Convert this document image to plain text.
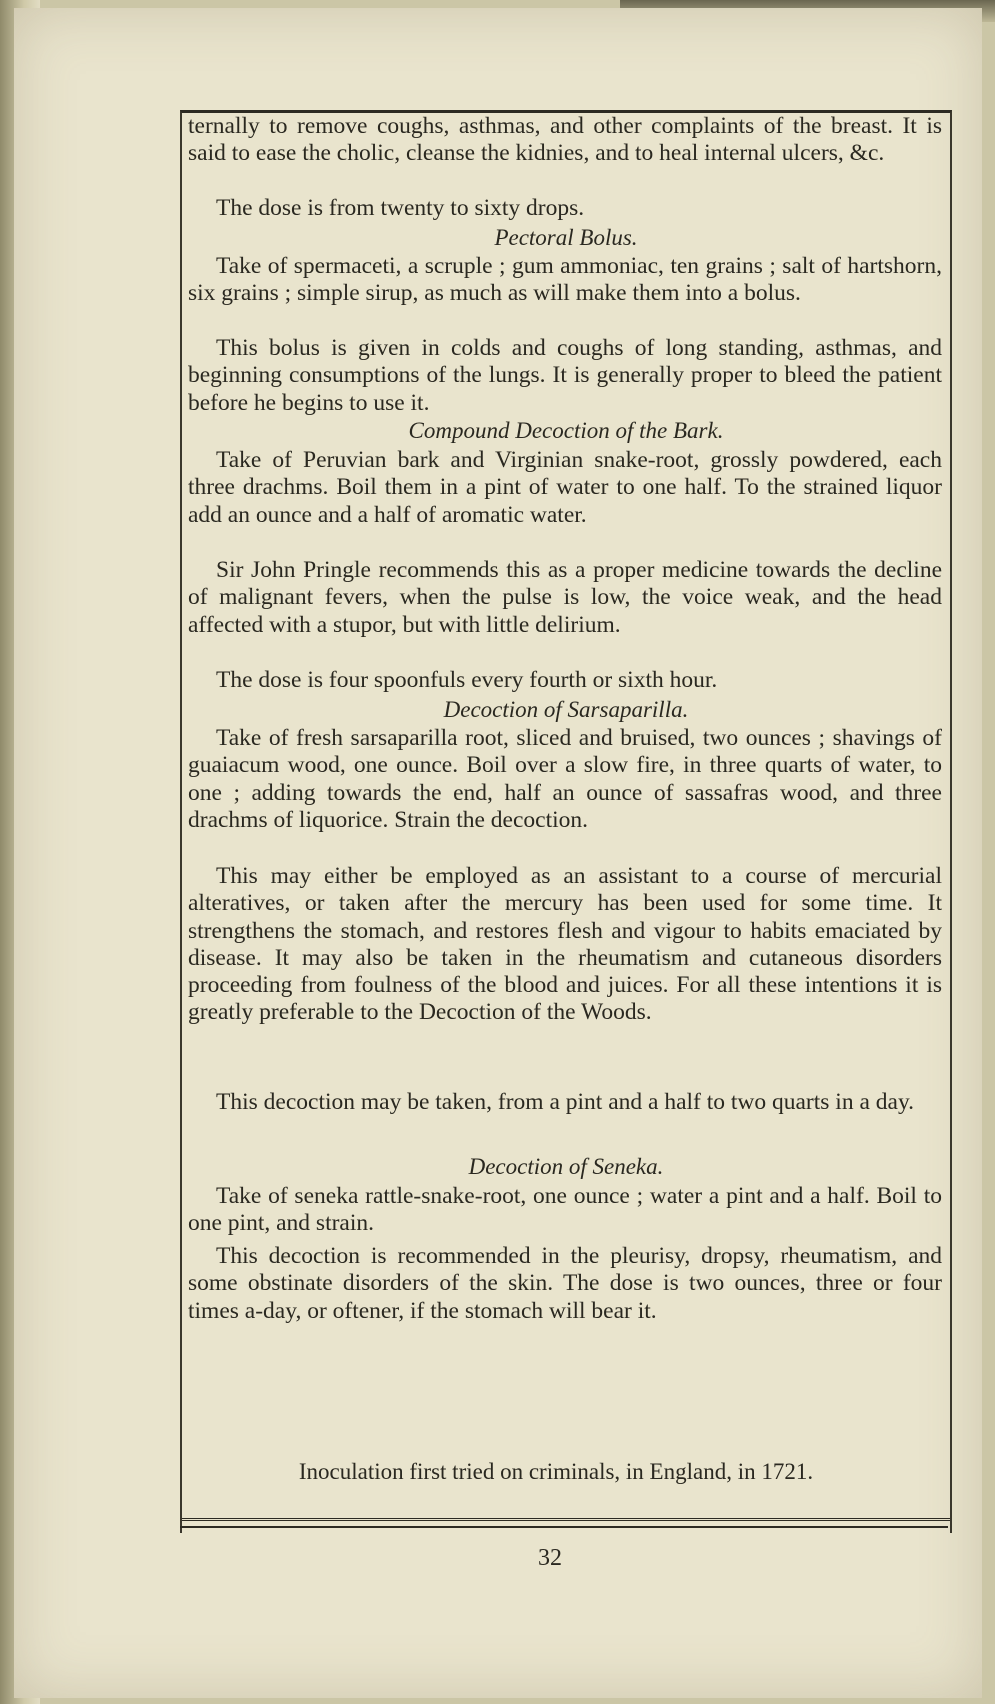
ternally to remove coughs, asthmas, and other complaints of the breast. It is said to ease the cholic, cleanse the kidnies, and to heal internal ulcers, &c.
The dose is from twenty to sixty drops.
Pectoral Bolus.
Take of spermaceti, a scruple ; gum ammoniac, ten grains ; salt of hartshorn, six grains ; simple sirup, as much as will make them into a bolus.
This bolus is given in colds and coughs of long standing, asthmas, and beginning consumptions of the lungs. It is generally proper to bleed the patient before he begins to use it.
Compound Decoction of the Bark.
Take of Peruvian bark and Virginian snake-root, grossly powdered, each three drachms. Boil them in a pint of water to one half. To the strained liquor add an ounce and a half of aromatic water.
Sir John Pringle recommends this as a proper medicine towards the decline of malignant fevers, when the pulse is low, the voice weak, and the head affected with a stupor, but with little delirium.
The dose is four spoonfuls every fourth or sixth hour.
Decoction of Sarsaparilla.
Take of fresh sarsaparilla root, sliced and bruised, two ounces ; shavings of guaiacum wood, one ounce. Boil over a slow fire, in three quarts of water, to one ; adding towards the end, half an ounce of sassafras wood, and three drachms of liquorice. Strain the decoction.
This may either be employed as an assistant to a course of mercurial alteratives, or taken after the mercury has been used for some time. It strengthens the stomach, and restores flesh and vigour to habits emaciated by disease. It may also be taken in the rheumatism and cutaneous disorders proceeding from foulness of the blood and juices. For all these intentions it is greatly preferable to the Decoction of the Woods.
This decoction may be taken, from a pint and a half to two quarts in a day.
Decoction of Seneka.
Take of seneka rattle-snake-root, one ounce ; water a pint and a half. Boil to one pint, and strain.
This decoction is recommended in the pleurisy, dropsy, rheumatism, and some obstinate disorders of the skin. The dose is two ounces, three or four times a-day, or oftener, if the stomach will bear it.
Inoculation first tried on criminals, in England, in 1721.
32
